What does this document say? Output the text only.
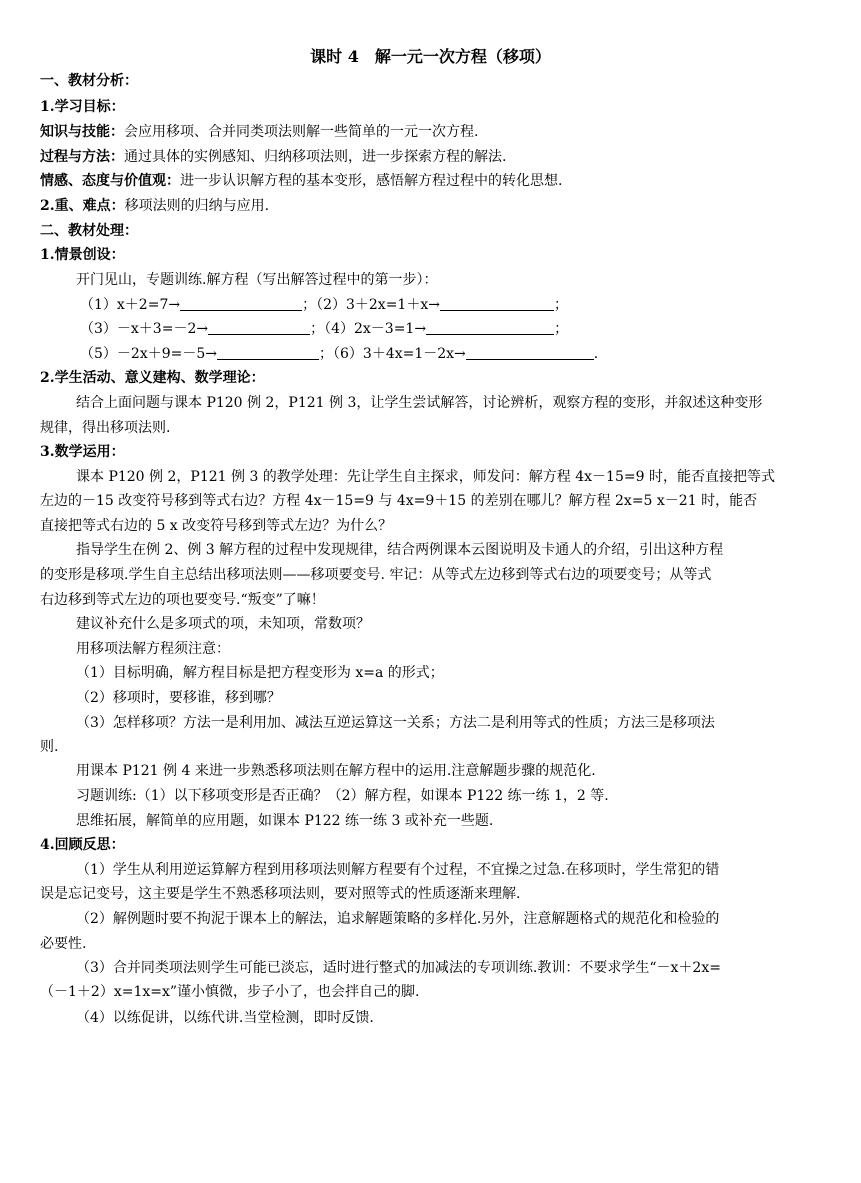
课时 4　解一元一次方程（移项）
一、教材分析：
1.学习目标：
知识与技能：会应用移项、合并同类项法则解一些简单的一元一次方程.
过程与方法：通过具体的实例感知、归纳移项法则，进一步探索方程的解法.
情感、态度与价值观：进一步认识解方程的基本变形，感悟解方程过程中的转化思想.
2.重、难点：移项法则的归纳与应用.
二、教材处理：
1.情景创设：
开门见山，专题训练.解方程（写出解答过程中的第一步）：
（1）x＋2=7→	；（2）3＋2x=1＋x→	；
（3）－x＋3=－2→	；（4）2x－3=1→	；
（5）－2x＋9=－5→	；（6）3＋4x=1－2x→	.
2.学生活动、意义建构、数学理论：
结合上面问题与课本 P120 例 2，P121 例 3，让学生尝试解答，讨论辨析，观察方程的变形，并叙述这种变形
规律，得出移项法则.
3.数学运用：
课本 P120 例 2，P121 例 3 的教学处理：先让学生自主探求，师发问：解方程 4x－15=9 时，能否直接把等式
左边的－15 改变符号移到等式右边？方程 4x－15=9 与 4x=9＋15 的差别在哪儿？解方程 2x=5 x－21 时，能否
直接把等式右边的 5 x 改变符号移到等式左边？为什么？
指导学生在例 2、例 3 解方程的过程中发现规律，结合两例课本云图说明及卡通人的介绍，引出这种方程
的变形是移项.学生自主总结出移项法则——移项要变号. 牢记：从等式左边移到等式右边的项要变号；从等式
右边移到等式左边的项也要变号.“叛变”了嘛！
建议补充什么是多项式的项，未知项，常数项？
用移项法解方程须注意：
（1）目标明确，解方程目标是把方程变形为 x=a 的形式；
（2）移项时，要移谁，移到哪？
（3）怎样移项？方法一是利用加、减法互逆运算这一关系；方法二是利用等式的性质；方法三是移项法
则.
用课本 P121 例 4 来进一步熟悉移项法则在解方程中的运用.注意解题步骤的规范化.
习题训练:（1）以下移项变形是否正确？（2）解方程，如课本 P122 练一练 1，2 等.
思维拓展，解简单的应用题，如课本 P122 练一练 3 或补充一些题.
4.回顾反思：
（1）学生从利用逆运算解方程到用移项法则解方程要有个过程，不宜操之过急.在移项时，学生常犯的错
误是忘记变号，这主要是学生不熟悉移项法则，要对照等式的性质逐渐来理解.
（2）解例题时要不拘泥于课本上的解法，追求解题策略的多样化.另外，注意解题格式的规范化和检验的
必要性.
（3）合并同类项法则学生可能已淡忘，适时进行整式的加减法的专项训练.教训：不要求学生“－x＋2x=
（－1＋2）x=1x=x”谨小慎微，步子小了，也会拌自己的脚.
（4）以练促讲，以练代讲.当堂检测，即时反馈.
